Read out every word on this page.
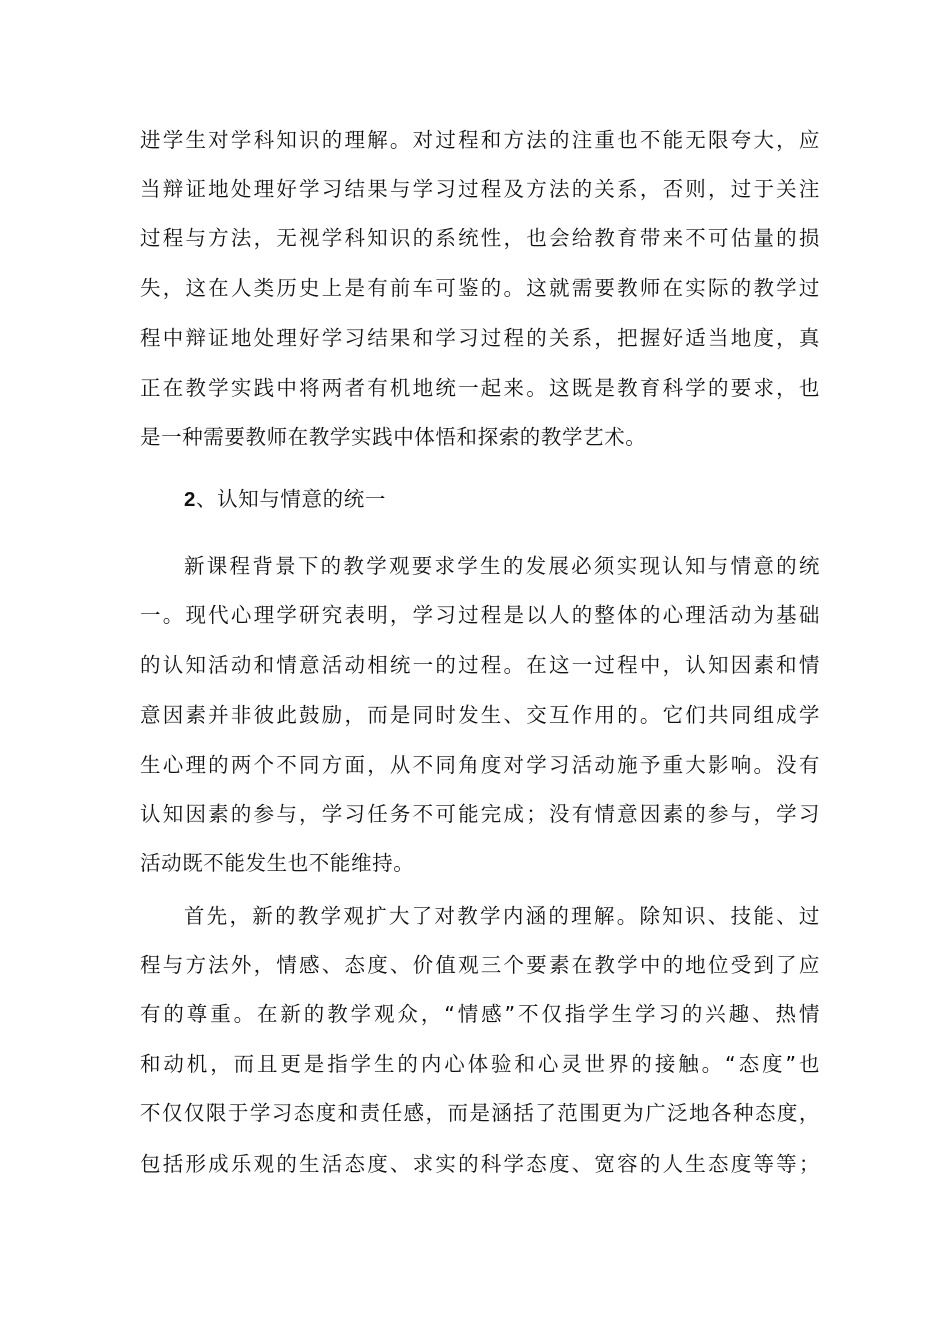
进学生对学科知识的理解。对过程和方法的注重也不能无限夸大，应
当辩证地处理好学习结果与学习过程及方法的关系，否则，过于关注
过程与方法，无视学科知识的系统性，也会给教育带来不可估量的损
失，这在人类历史上是有前车可鉴的。这就需要教师在实际的教学过
程中辩证地处理好学习结果和学习过程的关系，把握好适当地度，真
正在教学实践中将两者有机地统一起来。这既是教育科学的要求，也
是一种需要教师在教学实践中体悟和探索的教学艺术。
2、认知与情意的统一
新课程背景下的教学观要求学生的发展必须实现认知与情意的统
一。现代心理学研究表明，学习过程是以人的整体的心理活动为基础
的认知活动和情意活动相统一的过程。在这一过程中，认知因素和情
意因素并非彼此鼓励，而是同时发生、交互作用的。它们共同组成学
生心理的两个不同方面，从不同角度对学习活动施予重大影响。没有
认知因素的参与，学习任务不可能完成；没有情意因素的参与，学习
活动既不能发生也不能维持。
首先，新的教学观扩大了对教学内涵的理解。除知识、技能、过
程与方法外，情感、态度、价值观三个要素在教学中的地位受到了应
有的尊重。在新的教学观众，“情感”不仅指学生学习的兴趣、热情
和动机，而且更是指学生的内心体验和心灵世界的接触。“态度”也
不仅仅限于学习态度和责任感，而是涵括了范围更为广泛地各种态度，
包括形成乐观的生活态度、求实的科学态度、宽容的人生态度等等；
